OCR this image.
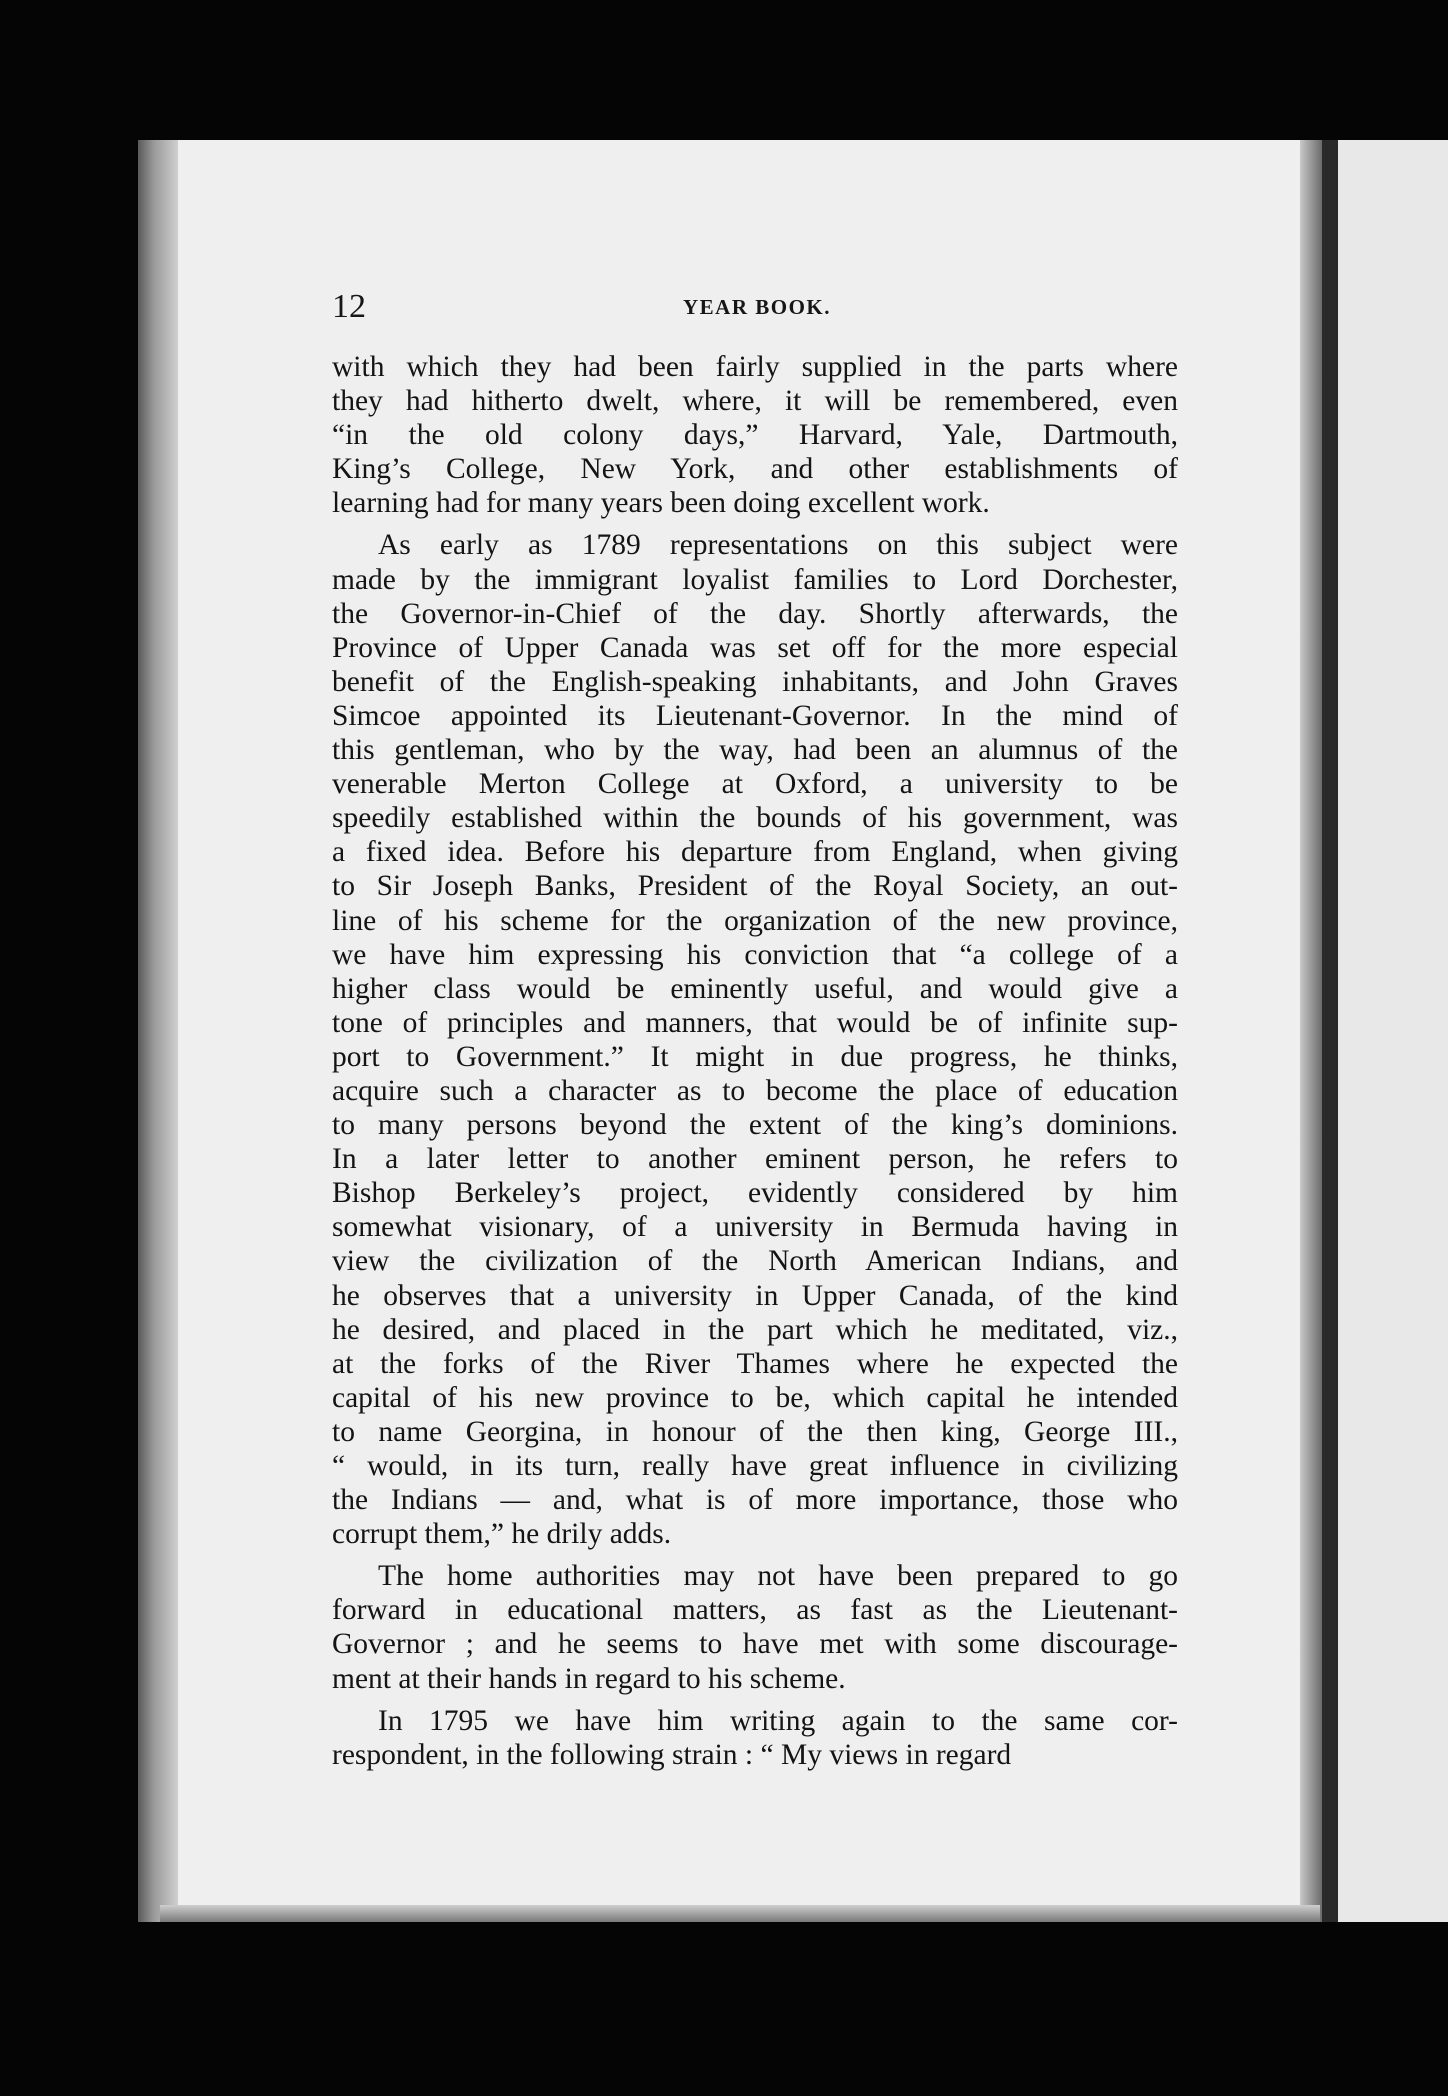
12	YEAR BOOK.
with which they had been fairly supplied in the parts where
they had hitherto dwelt, where, it will be remembered, even
“in the old colony days,” Harvard, Yale, Dartmouth,
King’s College, New York, and other establishments of
learning had for many years been doing excellent work.
As early as 1789 representations on this subject were
made by the immigrant loyalist families to Lord Dorchester,
the Governor-in-Chief of the day. Shortly afterwards, the
Province of Upper Canada was set off for the more especial
benefit of the English-speaking inhabitants, and John Graves
Simcoe appointed its Lieutenant-Governor. In the mind of
this gentleman, who by the way, had been an alumnus of the
venerable Merton College at Oxford, a university to be
speedily established within the bounds of his government, was
a fixed idea. Before his departure from England, when giving
to Sir Joseph Banks, President of the Royal Society, an out-
line of his scheme for the organization of the new province,
we have him expressing his conviction that “a college of a
higher class would be eminently useful, and would give a
tone of principles and manners, that would be of infinite sup-
port to Government.” It might in due progress, he thinks,
acquire such a character as to become the place of education
to many persons beyond the extent of the king’s dominions.
In a later letter to another eminent person, he refers to
Bishop Berkeley’s project, evidently considered by him
somewhat visionary, of a university in Bermuda having in
view the civilization of the North American Indians, and
he observes that a university in Upper Canada, of the kind
he desired, and placed in the part which he meditated, viz.,
at the forks of the River Thames where he expected the
capital of his new province to be, which capital he intended
to name Georgina, in honour of the then king, George III.,
“ would, in its turn, really have great influence in civilizing
the Indians — and, what is of more importance, those who
corrupt them,” he drily adds.
The home authorities may not have been prepared to go
forward in educational matters, as fast as the Lieutenant-
Governor ; and he seems to have met with some discourage-
ment at their hands in regard to his scheme.
In 1795 we have him writing again to the same cor-
respondent, in the following strain : “ My views in regard
